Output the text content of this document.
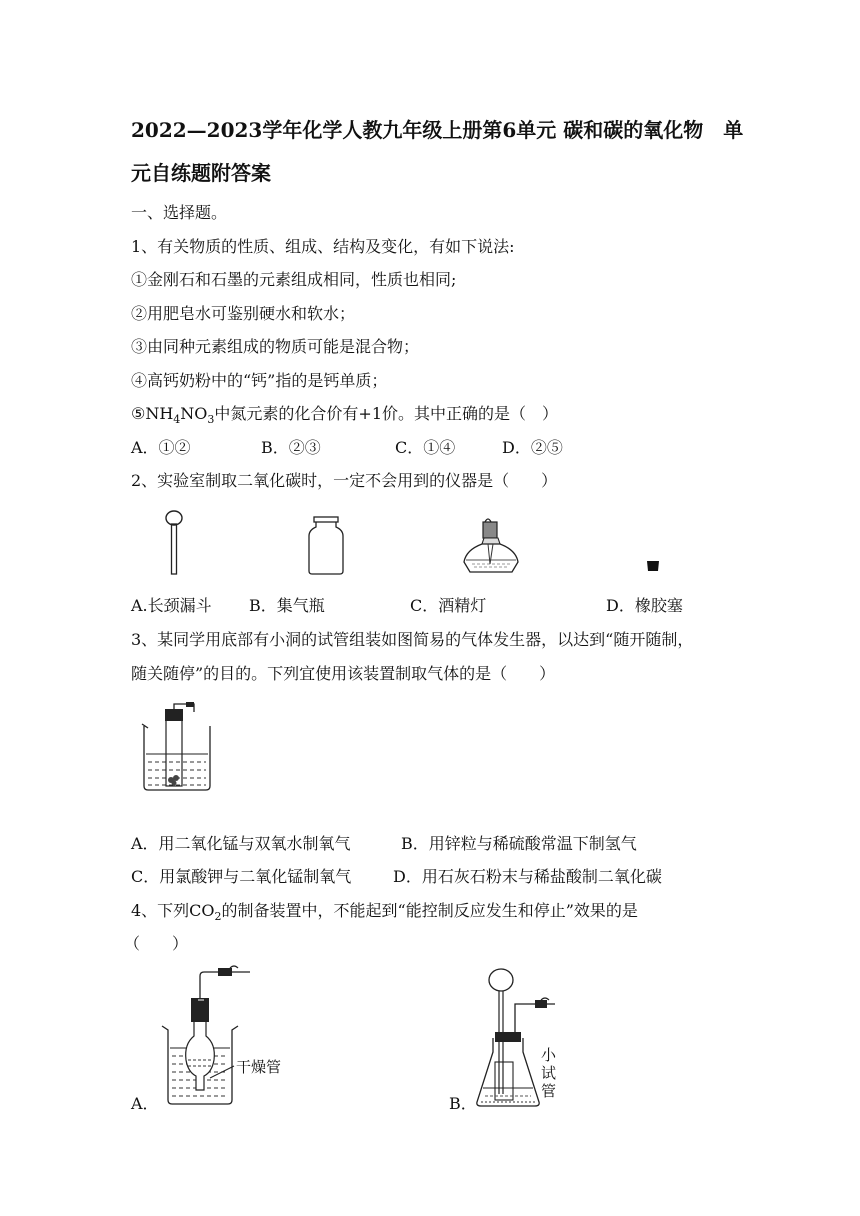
2022—2023学年化学人教九年级上册第6单元 碳和碳的氧化物　单
元自练题附答案
一、选择题。
1、有关物质的性质、组成、结构及变化，有如下说法:
①金刚石和石墨的元素组成相同，性质也相同;
②用肥皂水可鉴别硬水和软水；
③由同种元素组成的物质可能是混合物；
④高钙奶粉中的“钙”指的是钙单质；
$⑤NH_4NO_3$中氮元素的化合价有+1价。其中正确的是（　）
A．①②	B．②③	C．①④	D．②⑤
2、实验室制取二氧化碳时，一定不会用到的仪器是（　　）
A.长颈漏斗 B．集气瓶	C．酒精灯	D．橡胶塞
3、某同学用底部有小洞的试管组装如图简易的气体发生器，以达到“随开随制，
随关随停”的目的。下列宜使用该装置制取气体的是（　　）
A．用二氧化锰与双氧水制氧气	B．用锌粒与稀硫酸常温下制氢气
C．用氯酸钾与二氧化锰制氧气	D．用石灰石粉末与稀盐酸制二氧化碳
4、下列$CO_2$的制备装置中，不能起到“能控制反应发生和停止”效果的是
（　　）
干燥管
A．
小
试
管
B．
